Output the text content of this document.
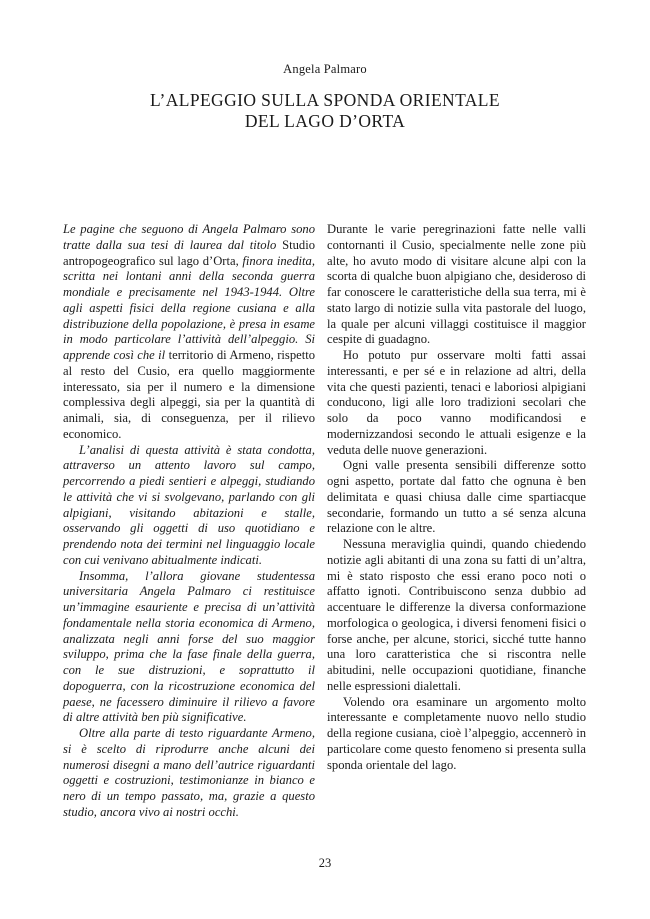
Angela Palmaro
L’ALPEGGIO SULLA SPONDA ORIENTALE
DEL LAGO D’ORTA

Le pagine che seguono di Angela Palmaro sono tratte dalla sua tesi di laurea dal titolo Studio antropogeografico sul lago d’Orta, finora inedita, scritta nei lontani anni della seconda guerra mondiale e precisamente nel 1943-1944. Oltre agli aspetti fisici della regione cusiana e alla distribuzione della popolazione, è presa in esame in modo particolare l’attività dell’alpeggio. Si apprende così che il territorio di Armeno, rispetto al resto del Cusio, era quello maggiormente interessato, sia per il numero e la dimensione complessiva degli alpeggi, sia per la quantità di animali, sia, di conseguenza, per il rilievo economico.

L’analisi di questa attività è stata condotta, attraverso un attento lavoro sul campo, percorrendo a piedi sentieri e alpeggi, studiando le attività che vi si svolgevano, parlando con gli alpigiani, visitando abitazioni e stalle, osservando gli oggetti di uso quotidiano e prendendo nota dei termini nel linguaggio locale con cui venivano abitualmente indicati.

Insomma, l’allora giovane studentessa universitaria Angela Palmaro ci restituisce un’immagine esauriente e precisa di un’attività fondamentale nella storia economica di Armeno, analizzata negli anni forse del suo maggior sviluppo, prima che la fase finale della guerra, con le sue distruzioni, e soprattutto il dopoguerra, con la ricostruzione economica del paese, ne facessero diminuire il rilievo a favore di altre attività ben più significative.

Oltre alla parte di testo riguardante Armeno, si è scelto di riprodurre anche alcuni dei numerosi disegni a mano dell’autrice riguardanti oggetti e costruzioni, testimonianze in bianco e nero di un tempo passato, ma, grazie a questo studio, ancora vivo ai nostri occhi.

Durante le varie peregrinazioni fatte nelle valli contornanti il Cusio, specialmente nelle zone più alte, ho avuto modo di visitare alcune alpi con la scorta di qualche buon alpigiano che, desideroso di far conoscere le caratteristiche della sua terra, mi è stato largo di notizie sulla vita pastorale del luogo, la quale per alcuni villaggi costituisce il maggior cespite di guadagno.

Ho potuto pur osservare molti fatti assai interessanti, e per sé e in relazione ad altri, della vita che questi pazienti, tenaci e laboriosi alpigiani conducono, ligi alle loro tradizioni secolari che solo da poco vanno modificandosi e modernizzandosi secondo le attuali esigenze e la veduta delle nuove generazioni.

Ogni valle presenta sensibili differenze sotto ogni aspetto, portate dal fatto che ognuna è ben delimitata e quasi chiusa dalle cime spartiacque secondarie, formando un tutto a sé senza alcuna relazione con le altre.

Nessuna meraviglia quindi, quando chiedendo notizie agli abitanti di una zona su fatti di un’altra, mi è stato risposto che essi erano poco noti o affatto ignoti. Contribuiscono senza dubbio ad accentuare le differenze la diversa conformazione morfologica o geologica, i diversi fenomeni fisici o forse anche, per alcune, storici, sicché tutte hanno una loro caratteristica che si riscontra nelle abitudini, nelle occupazioni quotidiane, finanche nelle espressioni dialettali.

Volendo ora esaminare un argomento molto interessante e completamente nuovo nello studio della regione cusiana, cioè l’alpeggio, accennerò in particolare come questo fenomeno si presenta sulla sponda orientale del lago.

23
